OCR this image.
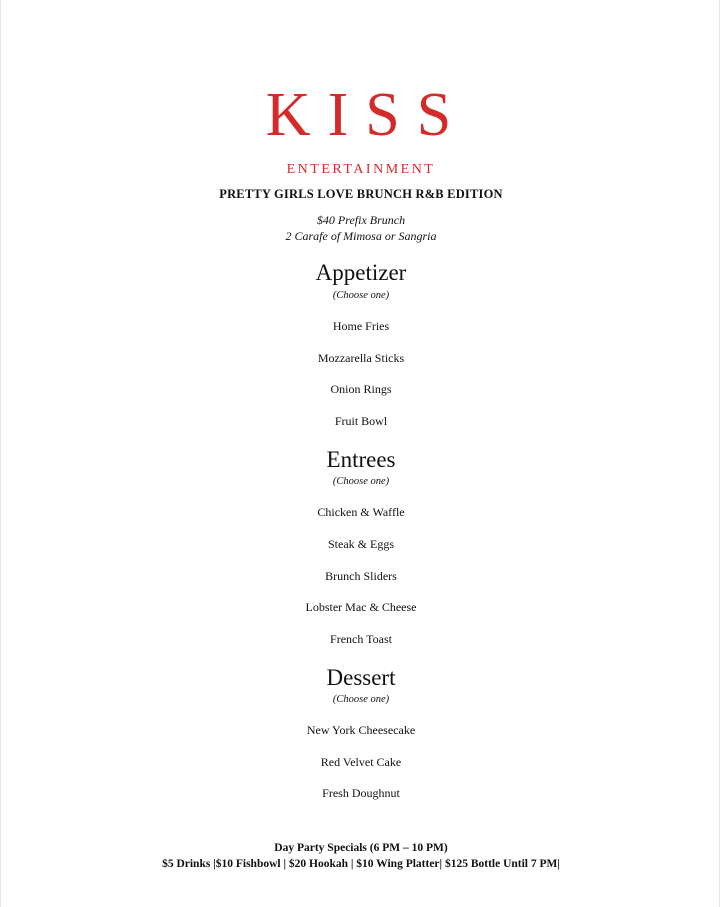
KISS
ENTERTAINMENT
PRETTY GIRLS LOVE BRUNCH R&B EDITION
$40 Prefix Brunch
2 Carafe of Mimosa or Sangria
Appetizer
(Choose one)
Home Fries
Mozzarella Sticks
Onion Rings
Fruit Bowl
Entrees
(Choose one)
Chicken & Waffle
Steak & Eggs
Brunch Sliders
Lobster Mac & Cheese
French Toast
Dessert
(Choose one)
New York Cheesecake
Red Velvet Cake
Fresh Doughnut
Day Party Specials (6 PM – 10 PM)
$5 Drinks |$10 Fishbowl | $20 Hookah | $10 Wing Platter| $125 Bottle Until 7 PM|
